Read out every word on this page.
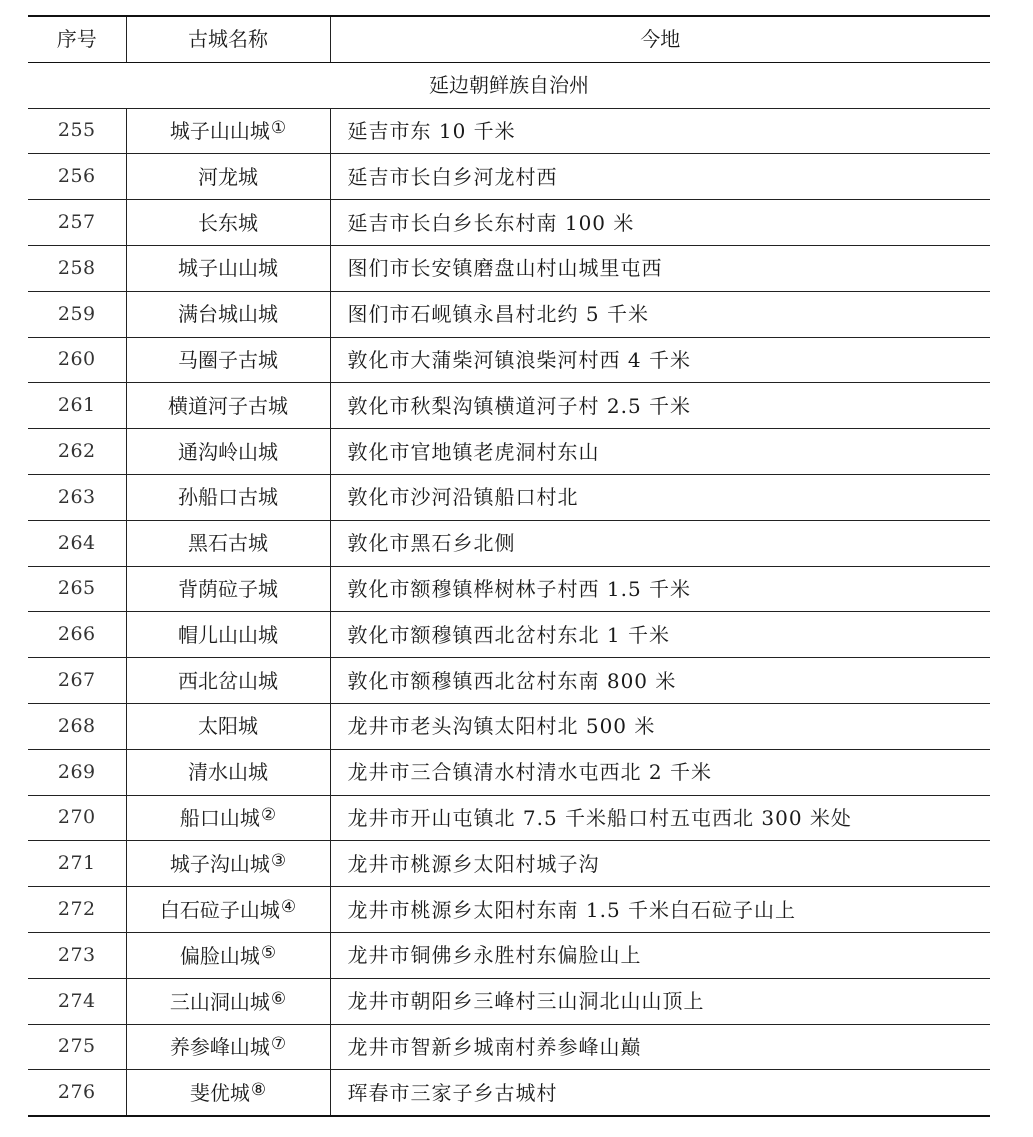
序号	古城名称	今地
延边朝鲜族自治州		
255	城子山山城①	延吉市东 10 千米
256	河龙城	延吉市长白乡河龙村西
257	长东城	延吉市长白乡长东村南 100 米
258	城子山山城	图们市长安镇磨盘山村山城里屯西
259	满台城山城	图们市石岘镇永昌村北约 5 千米
260	马圈子古城	敦化市大蒲柴河镇浪柴河村西 4 千米
261	横道河子古城	敦化市秋梨沟镇横道河子村 2.5 千米
262	通沟岭山城	敦化市官地镇老虎洞村东山
263	孙船口古城	敦化市沙河沿镇船口村北
264	黑石古城	敦化市黑石乡北侧
265	背荫砬子城	敦化市额穆镇桦树林子村西 1.5 千米
266	帽儿山山城	敦化市额穆镇西北岔村东北 1 千米
267	西北岔山城	敦化市额穆镇西北岔村东南 800 米
268	太阳城	龙井市老头沟镇太阳村北 500 米
269	清水山城	龙井市三合镇清水村清水屯西北 2 千米
270	船口山城②	龙井市开山屯镇北 7.5 千米船口村五屯西北 300 米处
271	城子沟山城③	龙井市桃源乡太阳村城子沟
272	白石砬子山城④	龙井市桃源乡太阳村东南 1.5 千米白石砬子山上
273	偏脸山城⑤	龙井市铜佛乡永胜村东偏脸山上
274	三山洞山城⑥	龙井市朝阳乡三峰村三山洞北山山顶上
275	养参峰山城⑦	龙井市智新乡城南村养参峰山巅
276	斐优城⑧	珲春市三家子乡古城村
